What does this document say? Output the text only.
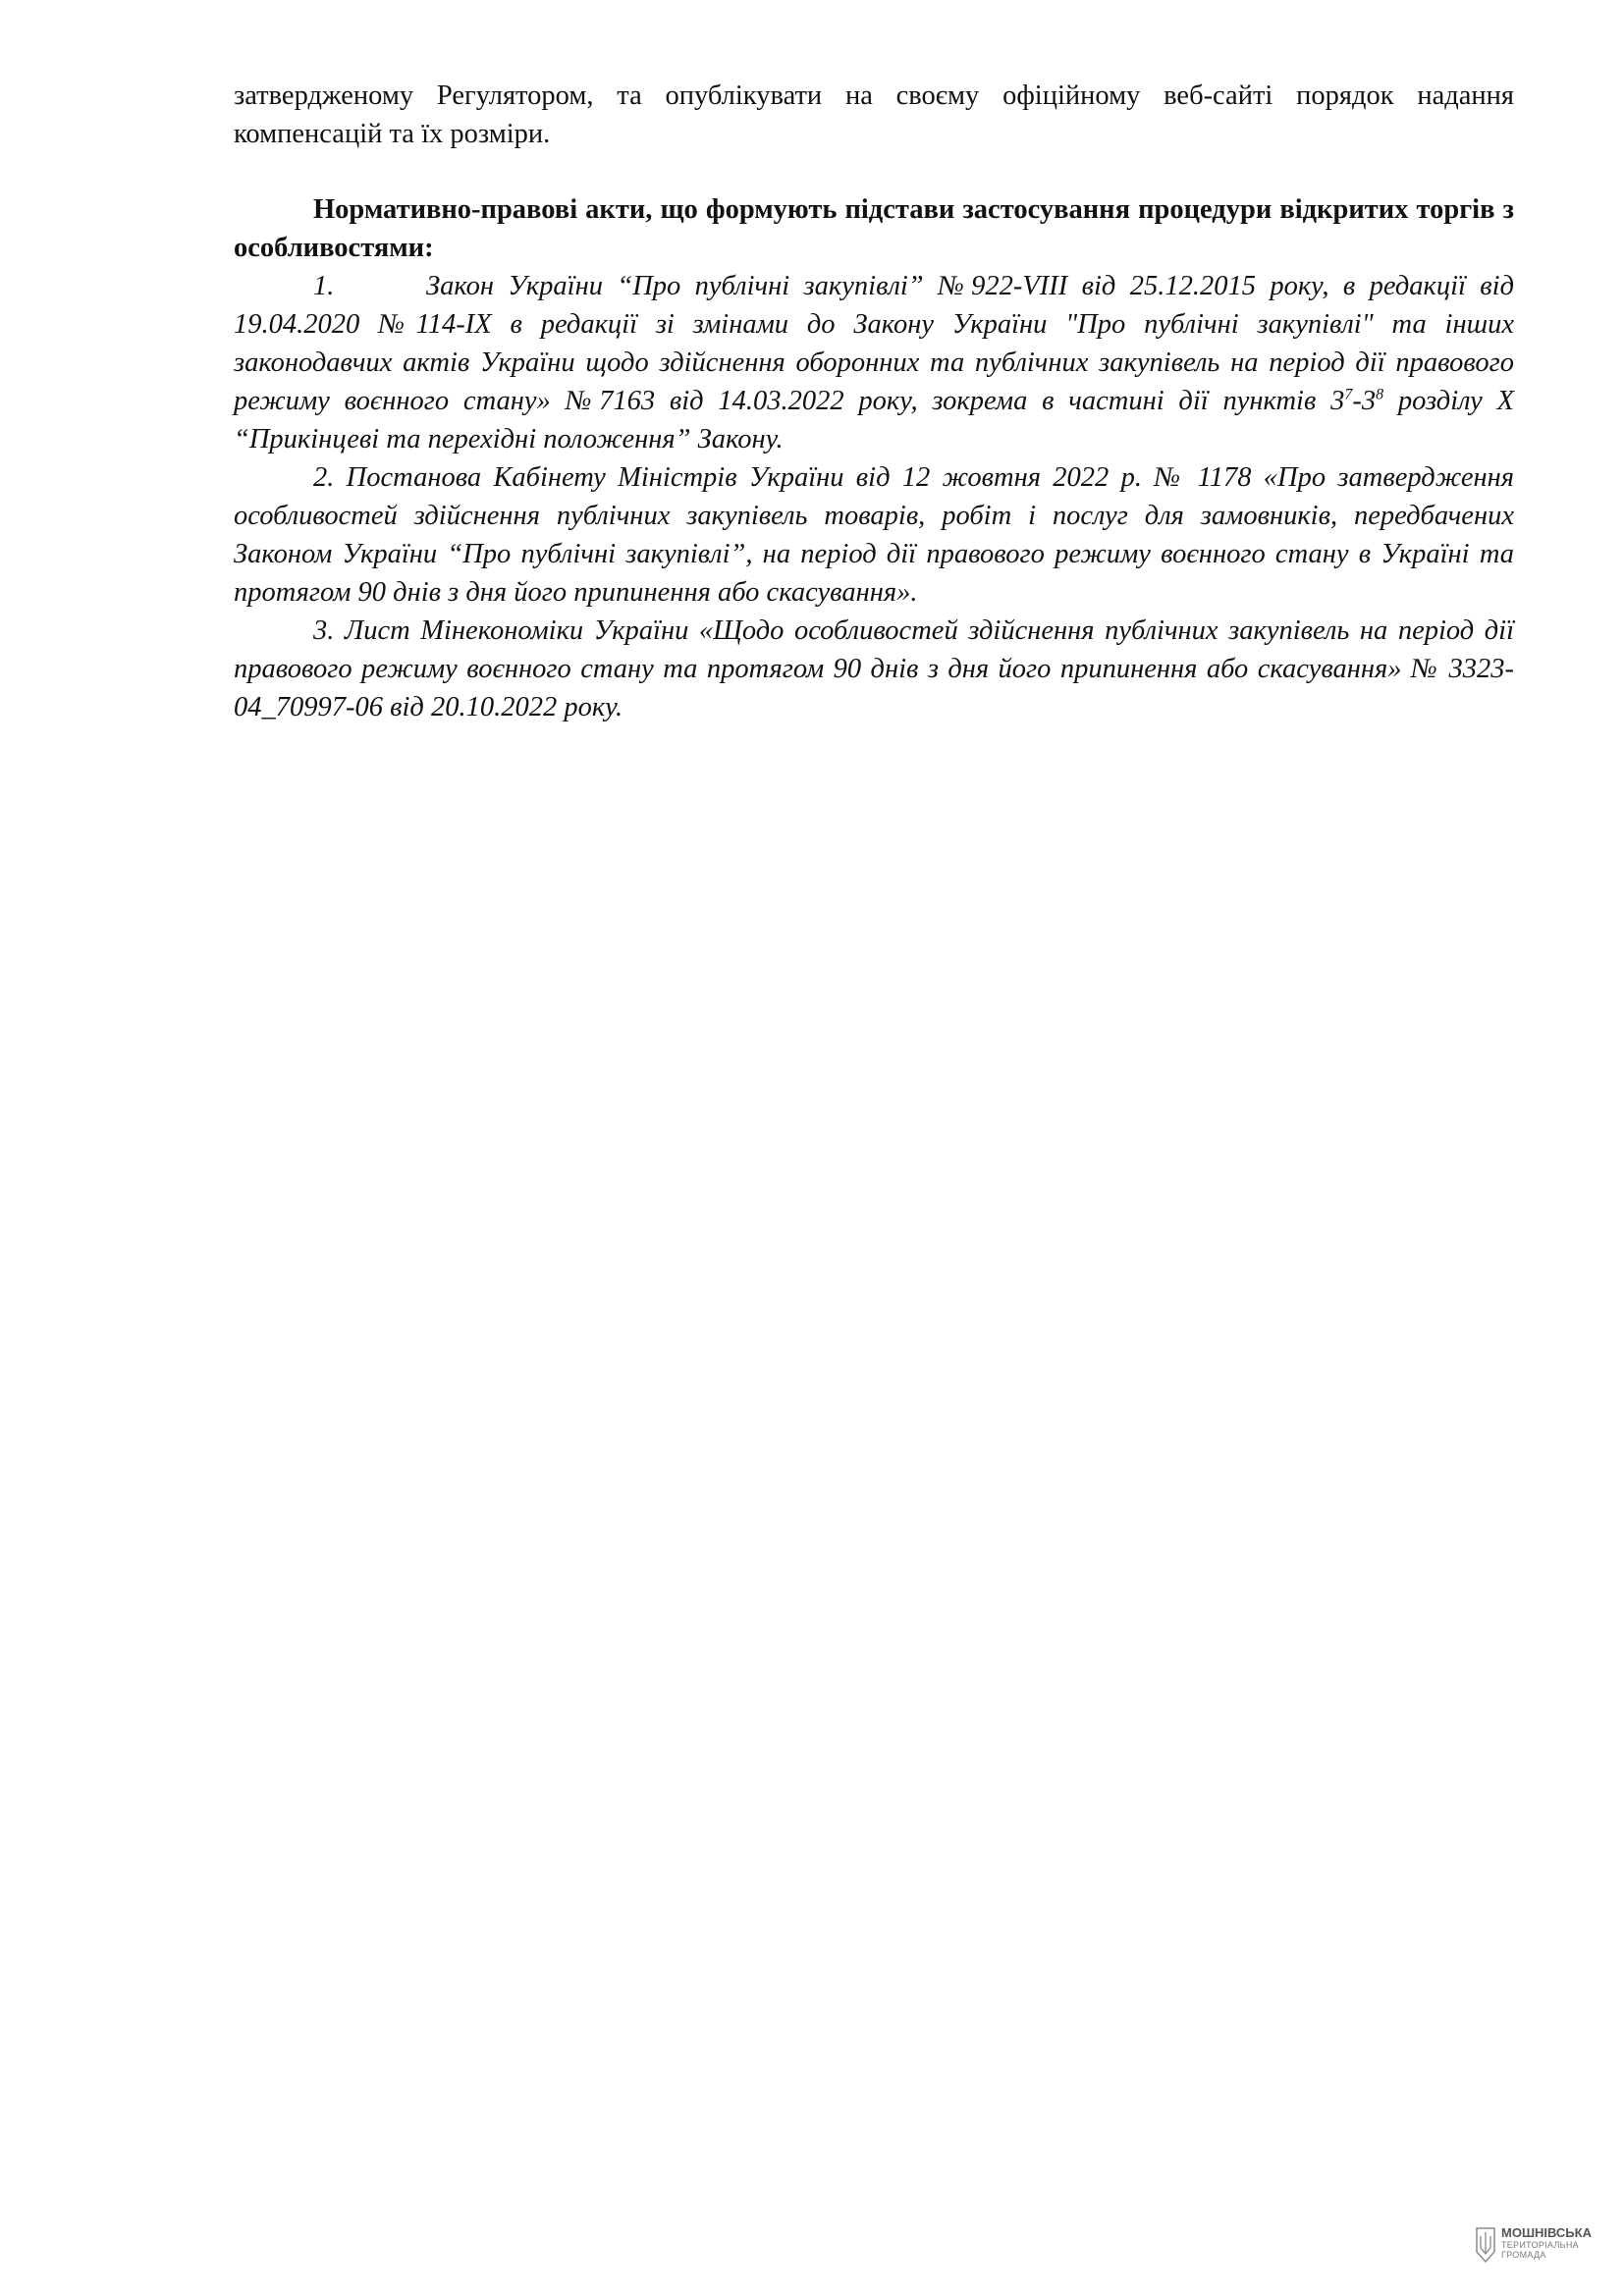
затвердженому Регулятором, та опублікувати на своєму офіційному веб-сайті порядок надання компенсацій та їх розміри.

Нормативно-правові акти, що формують підстави застосування процедури відкритих торгів з особливостями:

1.	Закон України “Про публічні закупівлі” №922-VIII від 25.12.2015 року, в редакції від 19.04.2020 №114-IX в редакції зі змінами до Закону України "Про публічні закупівлі" та інших законодавчих актів України щодо здійснення оборонних та публічних закупівель на період дії правового режиму воєнного стану» №7163 від 14.03.2022 року, зокрема в частині дії пунктів $3^7-3^8$ розділу X “Прикінцеві та перехідні положення” Закону.

2. Постанова Кабінету Міністрів України від 12 жовтня 2022 р. № 1178 «Про затвердження особливостей здійснення публічних закупівель товарів, робіт і послуг для замовників, передбачених Законом України “Про публічні закупівлі”, на період дії правового режиму воєнного стану в Україні та протягом 90 днів з дня його припинення або скасування».

3. Лист Мінекономіки України «Щодо особливостей здійснення публічних закупівель на період дії правового режиму воєнного стану та протягом 90 днів з дня його припинення або скасування» № 3323-04_70997-06 від 20.10.2022 року.

МОШНІВСЬКА
ТЕРИТОРІАЛЬНА
ГРОМАДА
